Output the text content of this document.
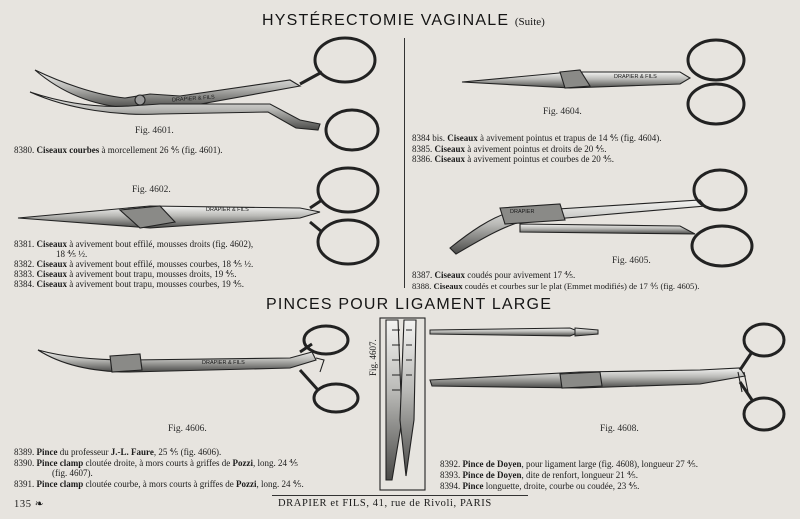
HYSTÉRECTOMIE VAGINALE (Suite)
Fig. 4601.
Fig. 4602.
Fig. 4604.
Fig. 4605.
Fig. 4606.
Fig. 4607.
Fig. 4608.
DRAPIER & FILS
DRAPIER & FILS
DRAPIER & FILS
DRAPIER
DRAPIER & FILS
8380. Ciseaux courbes à morcellement 26 ⅘ (fig. 4601).
8381. Ciseaux à avivement bout effilé, mousses droits (fig. 4602),
18 ⅘ ½.
8382. Ciseaux à avivement bout effilé, mousses courbes, 18 ⅘ ½.
8383. Ciseaux à avivement bout trapu, mousses droits, 19 ⅘.
8384. Ciseaux à avivement bout trapu, mousses courbes, 19 ⅘.
8384 bis. Ciseaux à avivement pointus et trapus de 14 ⅘ (fig. 4604).
8385. Ciseaux à avivement pointus et droits de 20 ⅘.
8386. Ciseaux à avivement pointus et courbes de 20 ⅘.
8387. Ciseaux coudés pour avivement 17 ⅘.
8388. Ciseaux coudés et courbes sur le plat (Emmet modifiés) de 17 ⅘ (fig. 4605).
PINCES POUR LIGAMENT LARGE
8389. Pince du professeur J.-L. Faure, 25 ⅘ (fig. 4606).
8390. Pince clamp cloutée droite, à mors courts à griffes de Pozzi, long. 24 ⅘
(fig. 4607).
8391. Pince clamp cloutée courbe, à mors courts à griffes de Pozzi, long. 24 ⅘.
8392. Pince de Doyen, pour ligament large (fig. 4608), longueur 27 ⅘.
8393. Pince de Doyen, dite de renfort, longueur 21 ⅘.
8394. Pince longuette, droite, courbe ou coudée, 23 ⅘.
135 ❧	DRAPIER et FILS, 41, rue de Rivoli, PARIS
